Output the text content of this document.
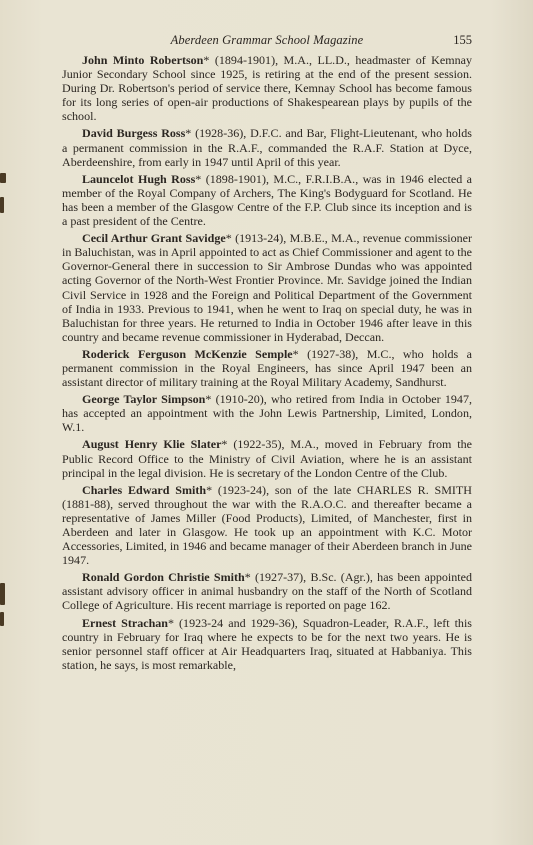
Aberdeen Grammar School Magazine	155

John Minto Robertson* (1894-1901), M.A., LL.D., headmaster of Kemnay Junior Secondary School since 1925, is retiring at the end of the present session. During Dr. Robertson's period of service there, Kemnay School has become famous for its long series of open-air productions of Shakespearean plays by pupils of the school.

David Burgess Ross* (1928-36), D.F.C. and Bar, Flight-Lieutenant, who holds a permanent commission in the R.A.F., commanded the R.A.F. Station at Dyce, Aberdeenshire, from early in 1947 until April of this year.

Launcelot Hugh Ross* (1898-1901), M.C., F.R.I.B.A., was in 1946 elected a member of the Royal Company of Archers, The King's Bodyguard for Scotland. He has been a member of the Glasgow Centre of the F.P. Club since its inception and is a past president of the Centre.

Cecil Arthur Grant Savidge* (1913-24), M.B.E., M.A., revenue commissioner in Baluchistan, was in April appointed to act as Chief Commissioner and agent to the Governor-General there in succession to Sir Ambrose Dundas who was appointed acting Governor of the North-West Frontier Province. Mr. Savidge joined the Indian Civil Service in 1928 and the Foreign and Political Department of the Government of India in 1933. Previous to 1941, when he went to Iraq on special duty, he was in Baluchistan for three years. He returned to India in October 1946 after leave in this country and became revenue commissioner in Hyderabad, Deccan.

Roderick Ferguson McKenzie Semple* (1927-38), M.C., who holds a permanent commission in the Royal Engineers, has since April 1947 been an assistant director of military training at the Royal Military Academy, Sandhurst.

George Taylor Simpson* (1910-20), who retired from India in October 1947, has accepted an appointment with the John Lewis Partnership, Limited, London, W.1.

August Henry Klie Slater* (1922-35), M.A., moved in February from the Public Record Office to the Ministry of Civil Aviation, where he is an assistant principal in the legal division. He is secretary of the London Centre of the Club.

Charles Edward Smith* (1923-24), son of the late CHARLES R. SMITH (1881-88), served throughout the war with the R.A.O.C. and thereafter became a representative of James Miller (Food Products), Limited, of Manchester, first in Aberdeen and later in Glasgow. He took up an appointment with K.C. Motor Accessories, Limited, in 1946 and became manager of their Aberdeen branch in June 1947.

Ronald Gordon Christie Smith* (1927-37), B.Sc. (Agr.), has been appointed assistant advisory officer in animal husbandry on the staff of the North of Scotland College of Agriculture. His recent marriage is reported on page 162.

Ernest Strachan* (1923-24 and 1929-36), Squadron-Leader, R.A.F., left this country in February for Iraq where he expects to be for the next two years. He is senior personnel staff officer at Air Headquarters Iraq, situated at Habbaniya. This station, he says, is most remarkable,
